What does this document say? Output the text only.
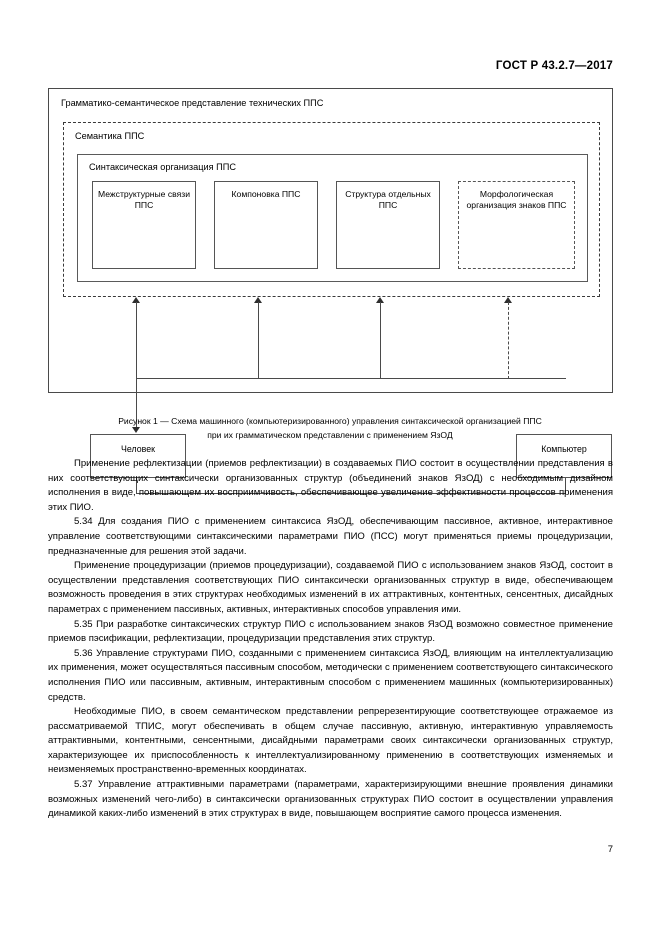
ГОСТ Р 43.2.7—2017
Грамматико-семантическое представление технических ППС
Семантика ППС
Синтаксическая организация ППС
Межструктурные связи ППС
Компоновка ППС	Структура отдельных ППС
Морфологическая организация знаков ППС
Человек	Компьютер
Рисунок 1 — Схема машинного (компьютеризированного) управления синтаксической организацией ППС
при их грамматическом представлении с применением ЯзОД

Применение рефлектизации (приемов рефлектизации) в создаваемых ПИО состоит в осуществлении представления в них соответствующих синтаксически организованных структур (объединений знаков ЯзОД) с необходимым дизайном исполнения в виде, повышающем их восприимчивость, обеспечивающее увеличение эффективности процессов применения этих ПИО.

5.34 Для создания ПИО с применением синтаксиса ЯзОД, обеспечивающим пассивное, активное, интерактивное управление соответствующими синтаксическими параметрами ПИО (ПСС) могут применяться приемы процедуризации, предназначенные для решения этой задачи.

Применение процедуризации (приемов процедуризации), создаваемой ПИО с использованием знаков ЯзОД, состоит в осуществлении представления соответствующих ПИО синтаксически организованных структур в виде, обеспечивающем возможность проведения в этих структурах необходимых изменений в их аттрактивных, контентных, сенсентных, дисайдных параметрах с применением пассивных, активных, интерактивных способов управления ими.

5.35 При разработке синтаксических структур ПИО с использованием знаков ЯзОД возможно совместное применение приемов пэсификации, рефлектизации, процедуризации представления этих структур.

5.36 Управление структурами ПИО, созданными с применением синтаксиса ЯзОД, влияющим на интеллектуализацию их применения, может осуществляться пассивным способом, методически с применением соответствующего синтаксического исполнения ПИО или пассивным, активным, интерактивным способом с применением машинных (компьютеризированных) средств.

Необходимые ПИО, в своем семантическом представлении репререзентирующие соответствующее отражаемое из рассматриваемой ТПИС, могут обеспечивать в общем случае пассивную, активную, интерактивную управляемость аттрактивными, контентными, сенсентными, дисайдными параметрами своих синтаксически организованных структур, характеризующее их приспособленность к интеллектуализированному применению в соответствующих изменяемых и неизменяемых пространственно-временных координатах.

5.37 Управление аттрактивными параметрами (параметрами, характеризирующими внешние проявления динамики возможных изменений чего-либо) в синтаксически организованных структурах ПИО состоит в осуществлении управления динамикой каких-либо изменений в этих структурах в виде, повышающем восприятие самого процесса изменения.

7
